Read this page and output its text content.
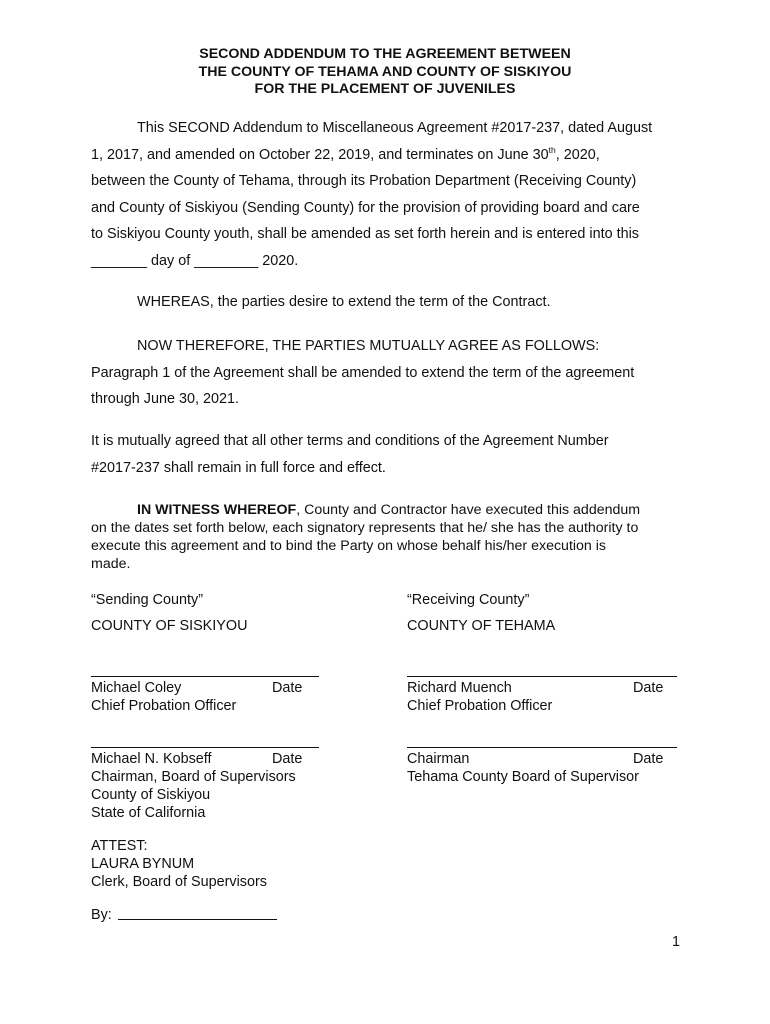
SECOND ADDENDUM TO THE AGREEMENT BETWEEN
THE COUNTY OF TEHAMA AND COUNTY OF SISKIYOU
FOR THE PLACEMENT OF JUVENILES
This SECOND Addendum to Miscellaneous Agreement #2017-237, dated August
1, 2017, and amended on October 22, 2019, and terminates on June 30th, 2020,
between the County of Tehama, through its Probation Department (Receiving County)
and County of Siskiyou (Sending County) for the provision of providing board and care
to Siskiyou County youth, shall be amended as set forth herein and is entered into this
_______ day of ________ 2020.
WHEREAS, the parties desire to extend the term of the Contract.
NOW THEREFORE, THE PARTIES MUTUALLY AGREE AS FOLLOWS:
Paragraph 1 of the Agreement shall be amended to extend the term of the agreement
through June 30, 2021.
It is mutually agreed that all other terms and conditions of the Agreement Number
#2017-237 shall remain in full force and effect.
IN WITNESS WHEREOF, County and Contractor have executed this addendum
on the dates set forth below, each signatory represents that he/ she has the authority to
execute this agreement and to bind the Party on whose behalf his/her execution is
made.
“Sending County”
COUNTY OF SISKIYOU
Michael Coley	Date
Chief Probation Officer
Michael N. Kobseff	Date
Chairman, Board of Supervisors
County of Siskiyou
State of California
“Receiving County”
COUNTY OF TEHAMA
Richard Muench	Date
Chief Probation Officer
Chairman	Date
Tehama County Board of Supervisor
ATTEST:
LAURA BYNUM
Clerk, Board of Supervisors
By:
1
